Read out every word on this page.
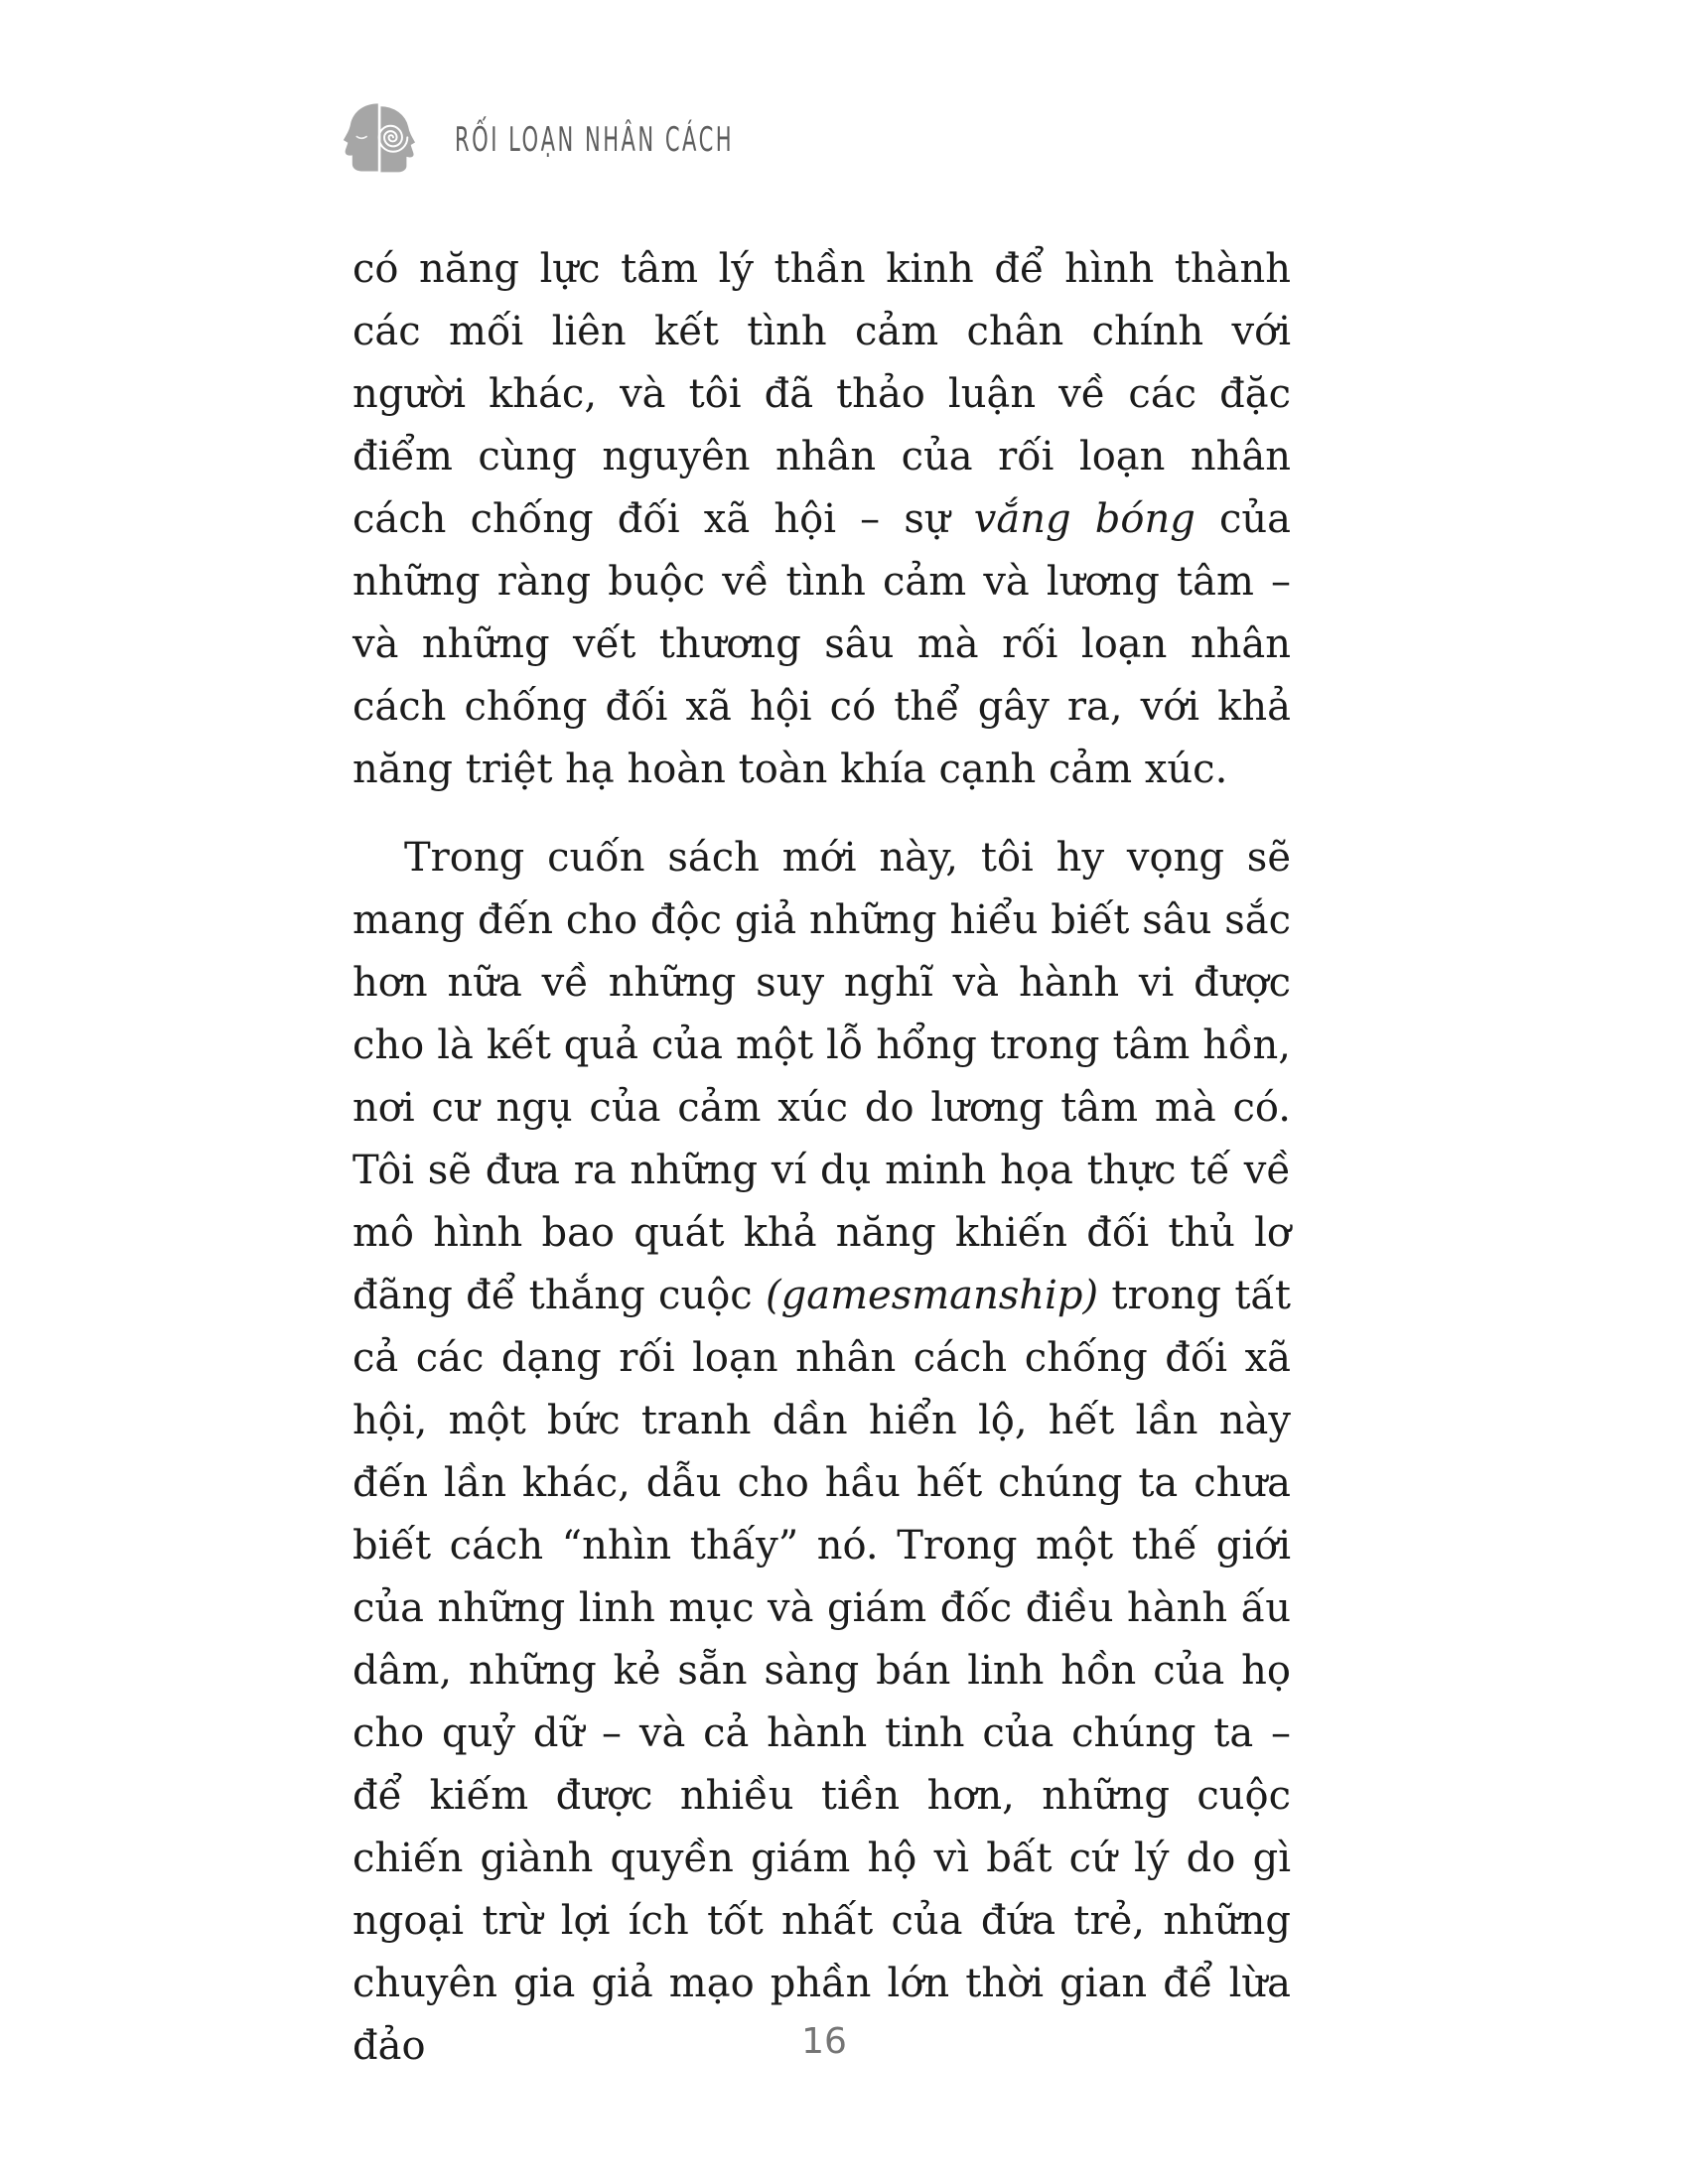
RỐI LOẠN NHÂN CÁCH

có năng lực tâm lý thần kinh để hình thành các mối liên kết tình cảm chân chính với người khác, và tôi đã thảo luận về các đặc điểm cùng nguyên nhân của rối loạn nhân cách chống đối xã hội – sự vắng bóng của những ràng buộc về tình cảm và lương tâm – và những vết thương sâu mà rối loạn nhân cách chống đối xã hội có thể gây ra, với khả năng triệt hạ hoàn toàn khía cạnh cảm xúc.

Trong cuốn sách mới này, tôi hy vọng sẽ mang đến cho độc giả những hiểu biết sâu sắc hơn nữa về những suy nghĩ và hành vi được cho là kết quả của một lỗ hổng trong tâm hồn, nơi cư ngụ của cảm xúc do lương tâm mà có. Tôi sẽ đưa ra những ví dụ minh họa thực tế về mô hình bao quát khả năng khiến đối thủ lơ đãng để thắng cuộc (gamesmanship) trong tất cả các dạng rối loạn nhân cách chống đối xã hội, một bức tranh dần hiển lộ, hết lần này đến lần khác, dẫu cho hầu hết chúng ta chưa biết cách “nhìn thấy” nó. Trong một thế giới của những linh mục và giám đốc điều hành ấu dâm, những kẻ sẵn sàng bán linh hồn của họ cho quỷ dữ – và cả hành tinh của chúng ta – để kiếm được nhiều tiền hơn, những cuộc chiến giành quyền giám hộ vì bất cứ lý do gì ngoại trừ lợi ích tốt nhất của đứa trẻ, những chuyên gia giả mạo phần lớn thời gian để lừa đảo	16
